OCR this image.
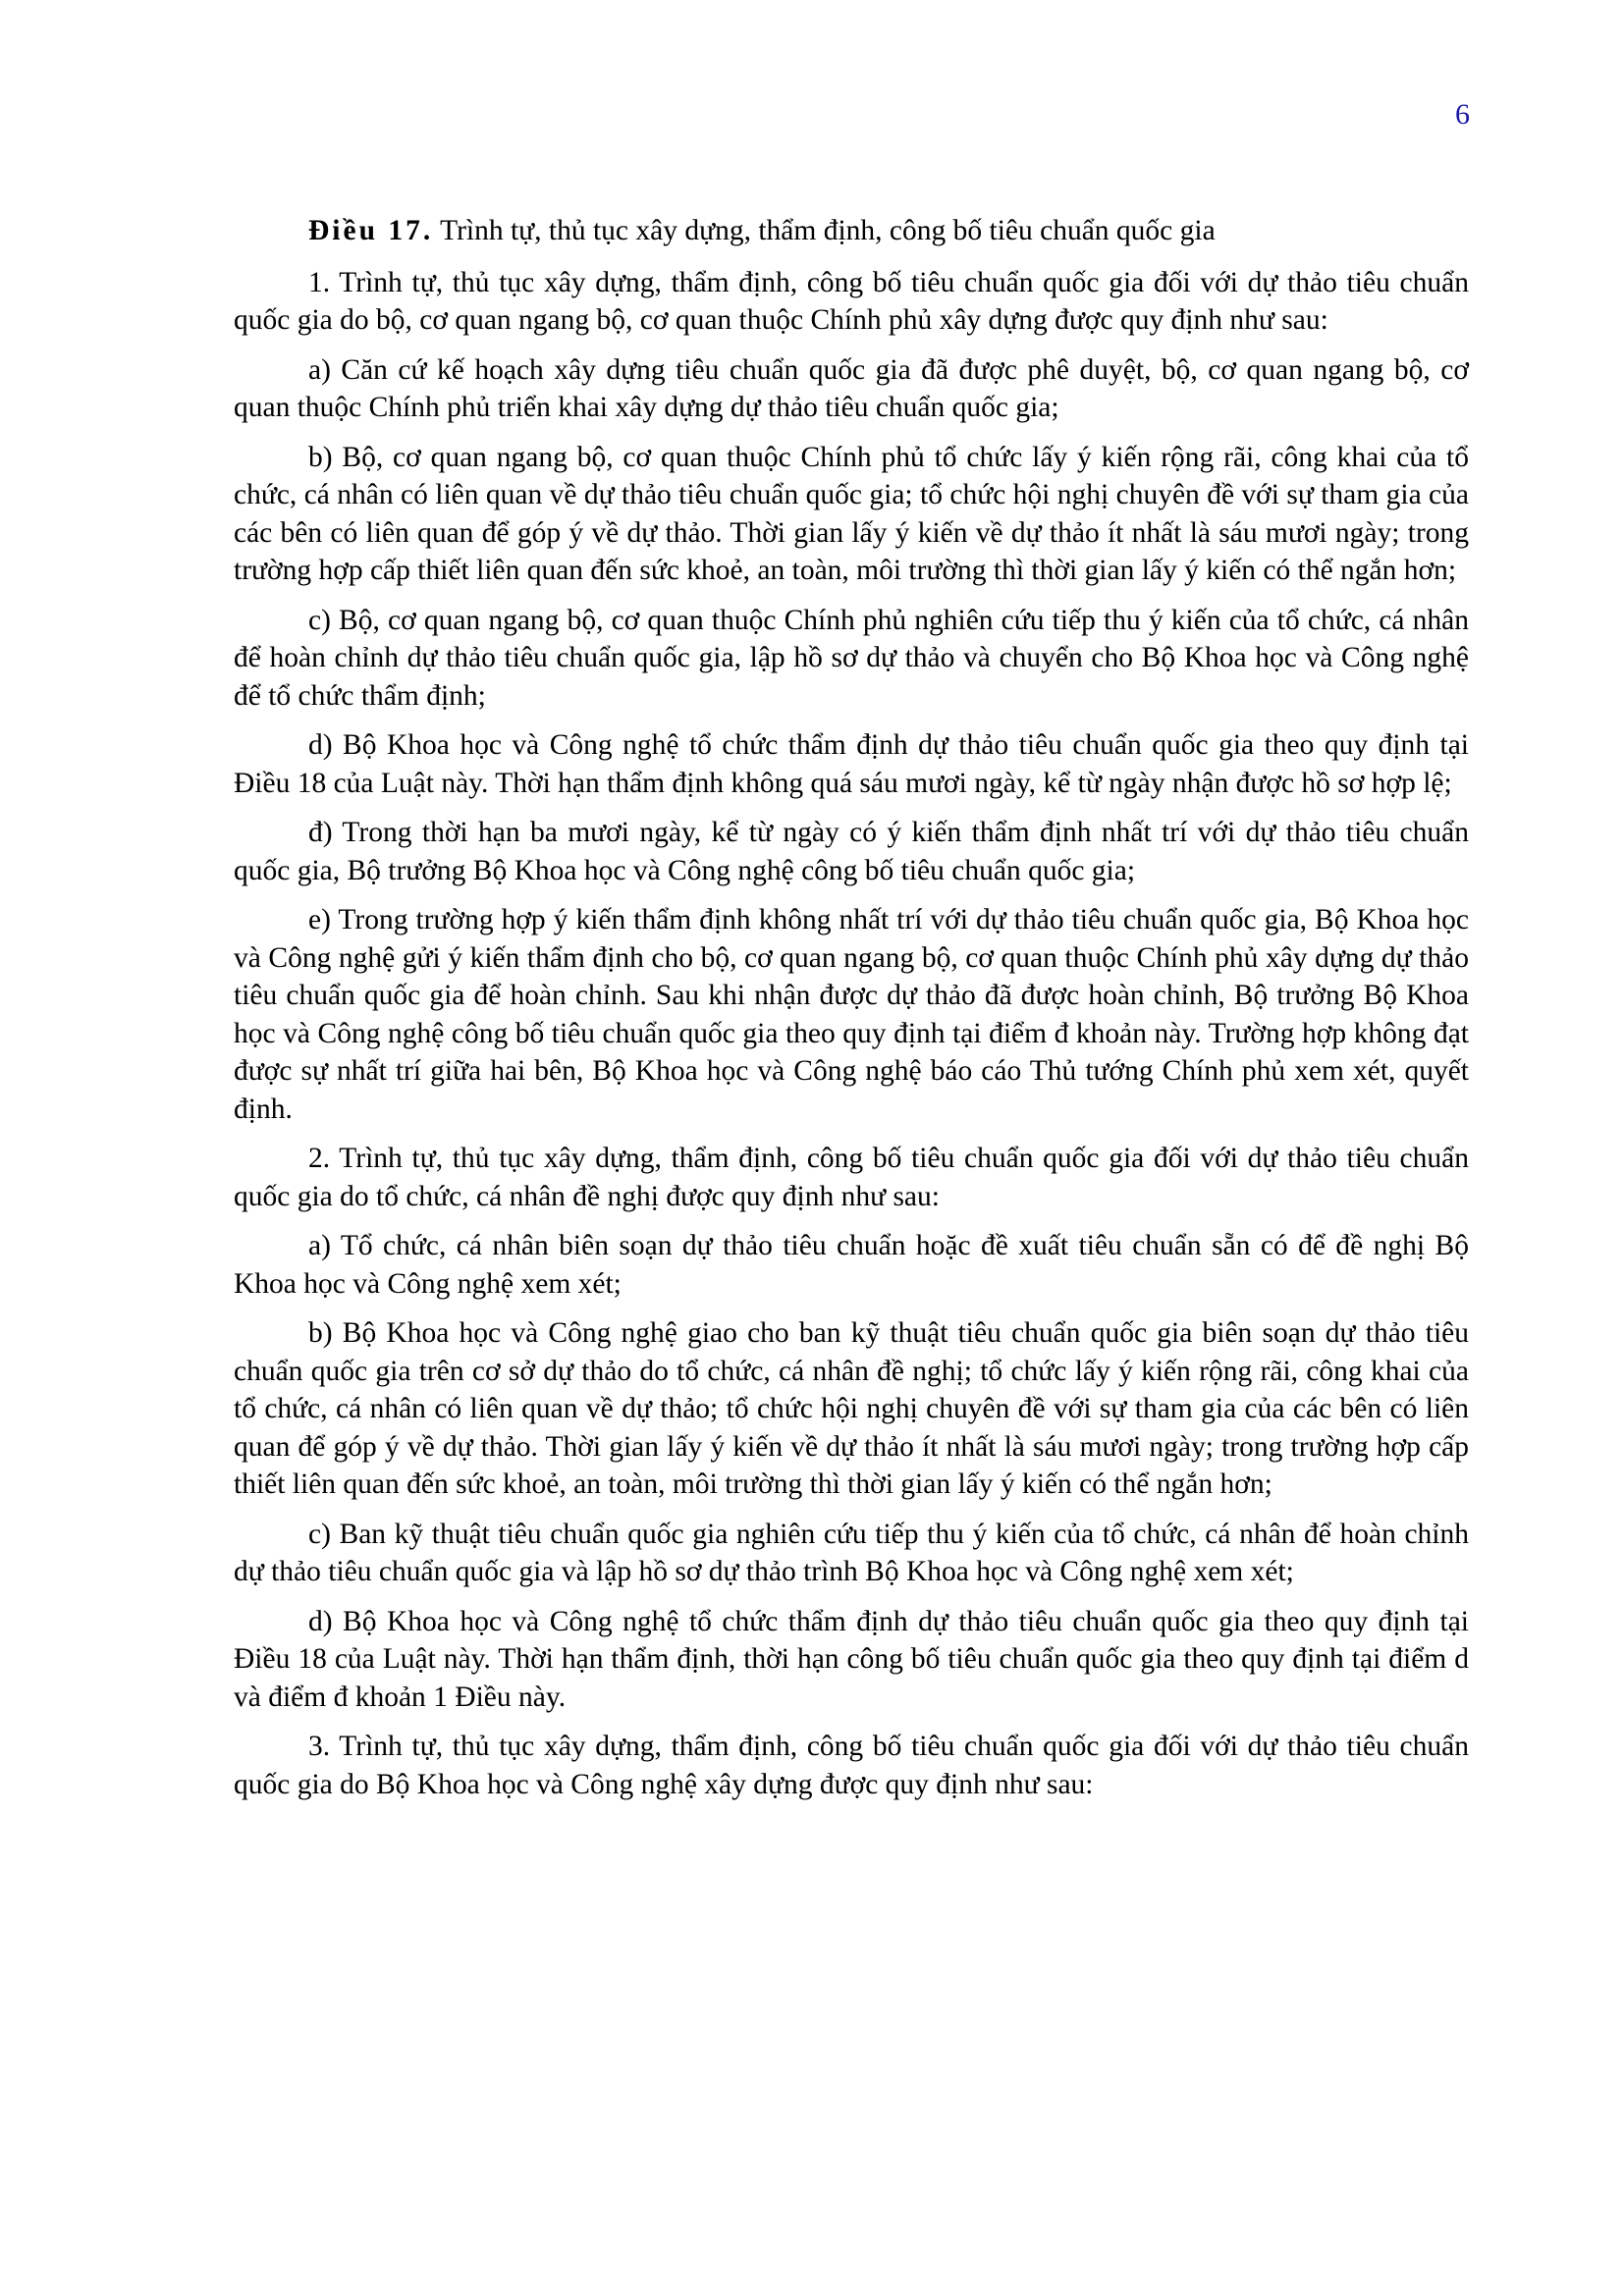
6

Điều 17. Trình tự, thủ tục xây dựng, thẩm định, công bố tiêu chuẩn quốc gia

1. Trình tự, thủ tục xây dựng, thẩm định, công bố tiêu chuẩn quốc gia đối với dự thảo tiêu chuẩn quốc gia do bộ, cơ quan ngang bộ, cơ quan thuộc Chính phủ xây dựng được quy định như sau:

a) Căn cứ kế hoạch xây dựng tiêu chuẩn quốc gia đã được phê duyệt, bộ, cơ quan ngang bộ, cơ quan thuộc Chính phủ triển khai xây dựng dự thảo tiêu chuẩn quốc gia;

b) Bộ, cơ quan ngang bộ, cơ quan thuộc Chính phủ tổ chức lấy ý kiến rộng rãi, công khai của tổ chức, cá nhân có liên quan về dự thảo tiêu chuẩn quốc gia; tổ chức hội nghị chuyên đề với sự tham gia của các bên có liên quan để góp ý về dự thảo. Thời gian lấy ý kiến về dự thảo ít nhất là sáu mươi ngày; trong trường hợp cấp thiết liên quan đến sức khoẻ, an toàn, môi trường thì thời gian lấy ý kiến có thể ngắn hơn;

c) Bộ, cơ quan ngang bộ, cơ quan thuộc Chính phủ nghiên cứu tiếp thu ý kiến của tổ chức, cá nhân để hoàn chỉnh dự thảo tiêu chuẩn quốc gia, lập hồ sơ dự thảo và chuyển cho Bộ Khoa học và Công nghệ để tổ chức thẩm định;

d) Bộ Khoa học và Công nghệ tổ chức thẩm định dự thảo tiêu chuẩn quốc gia theo quy định tại Điều 18 của Luật này. Thời hạn thẩm định không quá sáu mươi ngày, kể từ ngày nhận được hồ sơ hợp lệ;

đ) Trong thời hạn ba mươi ngày, kể từ ngày có ý kiến thẩm định nhất trí với dự thảo tiêu chuẩn quốc gia, Bộ trưởng Bộ Khoa học và Công nghệ công bố tiêu chuẩn quốc gia;

e) Trong trường hợp ý kiến thẩm định không nhất trí với dự thảo tiêu chuẩn quốc gia, Bộ Khoa học và Công nghệ gửi ý kiến thẩm định cho bộ, cơ quan ngang bộ, cơ quan thuộc Chính phủ xây dựng dự thảo tiêu chuẩn quốc gia để hoàn chỉnh. Sau khi nhận được dự thảo đã được hoàn chỉnh, Bộ trưởng Bộ Khoa học và Công nghệ công bố tiêu chuẩn quốc gia theo quy định tại điểm đ khoản này. Trường hợp không đạt được sự nhất trí giữa hai bên, Bộ Khoa học và Công nghệ báo cáo Thủ tướng Chính phủ xem xét, quyết định.

2. Trình tự, thủ tục xây dựng, thẩm định, công bố tiêu chuẩn quốc gia đối với dự thảo tiêu chuẩn quốc gia do tổ chức, cá nhân đề nghị được quy định như sau:

a) Tổ chức, cá nhân biên soạn dự thảo tiêu chuẩn hoặc đề xuất tiêu chuẩn sẵn có để đề nghị Bộ Khoa học và Công nghệ xem xét;

b) Bộ Khoa học và Công nghệ giao cho ban kỹ thuật tiêu chuẩn quốc gia biên soạn dự thảo tiêu chuẩn quốc gia trên cơ sở dự thảo do tổ chức, cá nhân đề nghị; tổ chức lấy ý kiến rộng rãi, công khai của tổ chức, cá nhân có liên quan về dự thảo; tổ chức hội nghị chuyên đề với sự tham gia của các bên có liên quan để góp ý về dự thảo. Thời gian lấy ý kiến về dự thảo ít nhất là sáu mươi ngày; trong trường hợp cấp thiết liên quan đến sức khoẻ, an toàn, môi trường thì thời gian lấy ý kiến có thể ngắn hơn;

c) Ban kỹ thuật tiêu chuẩn quốc gia nghiên cứu tiếp thu ý kiến của tổ chức, cá nhân để hoàn chỉnh dự thảo tiêu chuẩn quốc gia và lập hồ sơ dự thảo trình Bộ Khoa học và Công nghệ xem xét;

d) Bộ Khoa học và Công nghệ tổ chức thẩm định dự thảo tiêu chuẩn quốc gia theo quy định tại Điều 18 của Luật này. Thời hạn thẩm định, thời hạn công bố tiêu chuẩn quốc gia theo quy định tại điểm d và điểm đ khoản 1 Điều này.

3. Trình tự, thủ tục xây dựng, thẩm định, công bố tiêu chuẩn quốc gia đối với dự thảo tiêu chuẩn quốc gia do Bộ Khoa học và Công nghệ xây dựng được quy định như sau:
